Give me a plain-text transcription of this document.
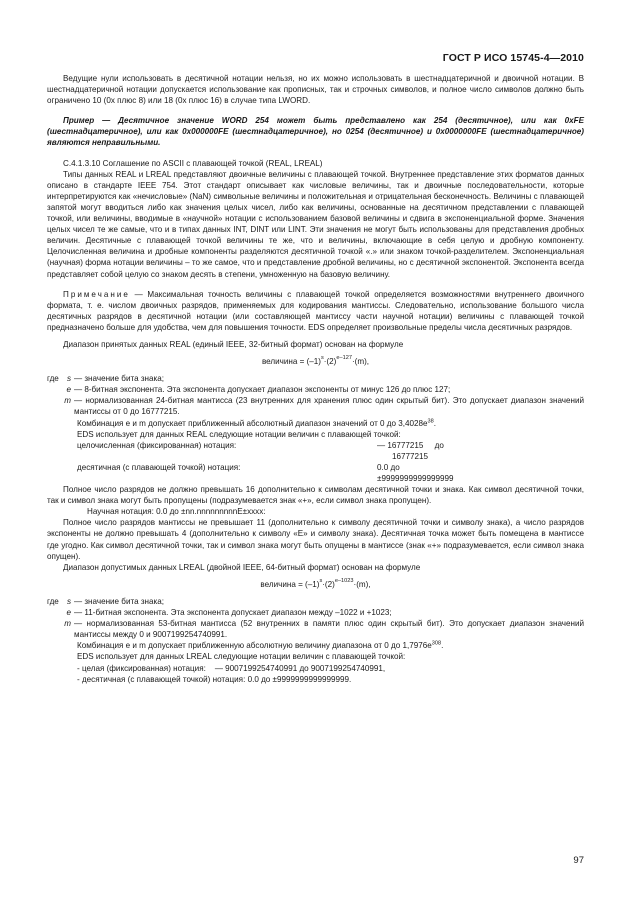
ГОСТ Р ИСО 15745-4—2010

Ведущие нули использовать в десятичной нотации нельзя, но их можно использовать в шестнадцатеричной и двоичной нотации. В шестнадцатеричной нотации допускается использование как прописных, так и строчных символов, и полное число символов должно быть ограничено 10 (0x плюс 8) или 18 (0x плюс 16) в случае типа LWORD.

Пример — Десятичное значение WORD 254 может быть представлено как 254 (десятичное), или как 0xFE (шестнадцатеричное), или как 0x000000FE (шестнадцатеричное), но 0254 (десятичное) и 0x0000000FE (шестнадцатеричное) являются неправильными.

С.4.1.3.10 Соглашение по ASCII с плавающей точкой (REAL, LREAL)

Типы данных REAL и LREAL представляют двоичные величины с плавающей точкой. Внутреннее представление этих форматов данных описано в стандарте IEEE 754. Этот стандарт описывает как числовые величины, так и двоичные последовательности, которые интерпретируются как «нечисловые» (NaN) символьные величины и положительная и отрицательная бесконечность. Величины с плавающей запятой могут вводиться либо как значения целых чисел, либо как величины, основанные на десятичном представлении с плавающей точкой, или величины, вводимые в «научной» нотации с использованием базовой величины и сдвига в экспоненциальной форме. Значения целых чисел те же самые, что и в типах данных INT, DINT или LINT. Эти значения не могут быть использованы для представления дробных величин. Десятичные с плавающей точкой величины те же, что и величины, включающие в себя целую и дробную компоненту. Целочисленная величина и дробные компоненты разделяются десятичной точкой «.» или знаком точкой-разделителем. Экспоненциальная (научная) форма нотации величины – то же самое, что и представление дробной величины, но с десятичной экспонентой. Экспонента всегда представляет собой целую со знаком десять в степени, умноженную на базовую величину.

Примечание — Максимальная точность величины с плавающей точкой определяется возможностями внутреннего двоичного формата, т. е. числом двоичных разрядов, применяемых для кодирования мантиссы. Следовательно, использование большого числа десятичных разрядов в десятичной нотации (или составляющей мантиссу части научной нотации) величины с плавающей точкой предназначено больше для удобства, чем для повышения точности. EDS определяет произвольные пределы числа десятичных разрядов.

Диапазон принятых данных REAL (единый IEEE, 32-битный формат) основан на формуле

величина = $(-1)^s\cdot(2)^{e-127}\cdot(m)$,

где	s — значение бита знака;
e — 8-битная экспонента. Эта экспонента допускает диапазон экспоненты от минус 126 до плюс 127;
m — нормализованная 24-битная мантисса (23 внутренних для хранения плюс один скрытый бит). Это допускает диапазон значений мантиссы от 0 до 16777215.
Комбинация e и m допускает приближенный абсолютный диапазон значений от 0 до $3,4028e^{38}$.
EDS использует для данных REAL следующие нотации величин с плавающей точкой:
целочисленная (фиксированная) нотация:	— 16777215     до
16777215
десятичная (с плавающей точкой) нотация:	0.0 до
±9999999999999999

Полное число разрядов не должно превышать 16 дополнительно к символам десятичной точки и знака. Как символ десятичной точки, так и символ знака могут быть пропущены (подразумевается знак «+», если символ знака пропущен).

Научная нотация: 0.0 до ±nn.nnnnnnnnnE±xxxx:

Полное число разрядов мантиссы не превышает 11 (дополнительно к символу десятичной точки и символу знака), а число разрядов экспоненты не должно превышать 4 (дополнительно к символу «E» и символу знака). Десятичная точка может быть помещена в мантиссе где угодно. Как символ десятичной точки, так и символ знака могут быть опущены в мантиссе (знак «+» подразумевается, если символ знака опущен).

Диапазон допустимых данных LREAL (двойной IEEE, 64-битный формат) основан на формуле

величина = $(-1)^s\cdot(2)^{e-1023}\cdot(m)$,

где	s — значение бита знака;
e — 11-битная экспонента. Эта экспонента допускает диапазон между –1022 и +1023;
m — нормализованная 53-битная мантисса (52 внутренних в памяти плюс один скрытый бит). Это допускает диапазон значений мантиссы между 0 и 9007199254740991.
Комбинация e и m допускает приближенную абсолютную величину диапазона от 0 до $1,7976e^{308}$.
EDS использует для данных LREAL следующие нотации величин с плавающей точкой:
- целая (фиксированная) нотация:    — 9007199254740991 до 9007199254740991,
- десятичная (с плавающей точкой) нотация: 0.0 до ±9999999999999999.
97
